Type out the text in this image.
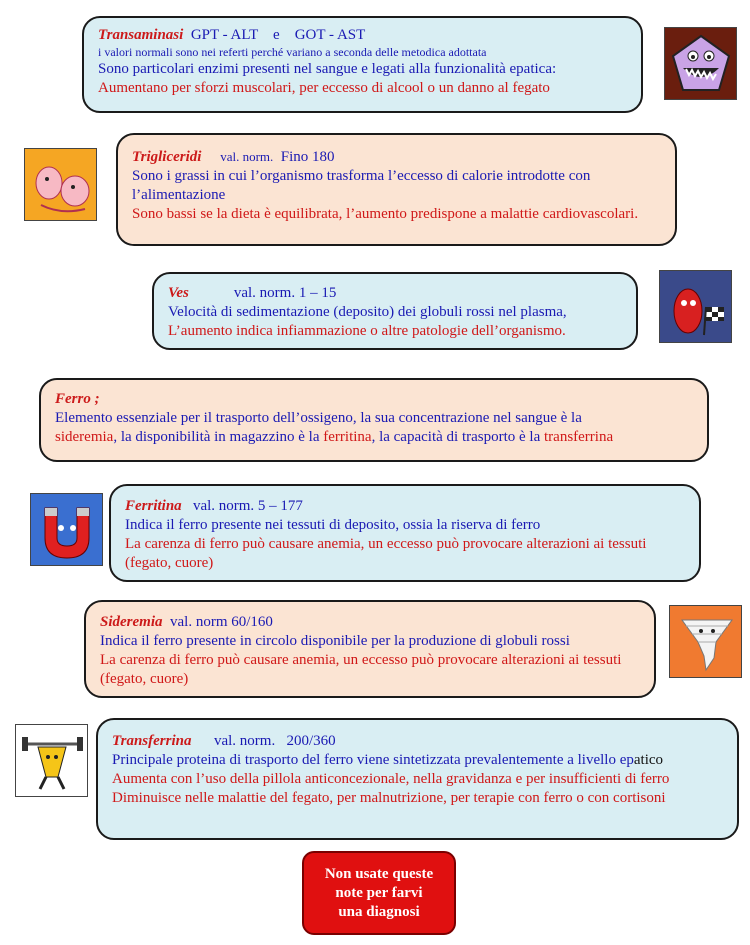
Transaminasi  GPT - ALT    e    GOT - AST
i valori normali sono nei referti perché variano a seconda delle metodica adottata
Sono particolari enzimi presenti nel sangue e legati alla funzionalità epatica:
Aumentano per sforzi muscolari, per eccesso di alcool o un danno al fegato
Trigliceridi val. norm. Fino 180
Sono i grassi in cui l’organismo trasforma l’eccesso di calorie introdotte con l’alimentazione
Sono bassi se la dieta è equilibrata, l’aumento predispone a malattie cardiovascolari.
Ves	val. norm. 1 – 15
Velocità di sedimentazione (deposito) dei globuli rossi nel plasma,
L’aumento indica infiammazione o altre patologie dell’organismo.
Ferro ;
Elemento essenziale per il trasporto dell’ossigeno, la sua concentrazione nel sangue è la
sideremia, la disponibilità in magazzino è la ferritina, la capacità di trasporto è la transferrina
Ferritina val. norm. 5 – 177
Indica il ferro presente nei tessuti di deposito, ossia la riserva di ferro
La carenza di ferro può causare anemia, un eccesso può provocare alterazioni ai tessuti (fegato, cuore)
Sideremia val. norm 60/160
Indica il ferro presente in circolo disponibile per la produzione di globuli rossi
La carenza di ferro può causare anemia, un eccesso può provocare alterazioni ai tessuti (fegato, cuore)
Transferrina val. norm.   200/360
Principale proteina di trasporto del ferro viene sintetizzata prevalentemente a livello epatico
Aumenta con l’uso della pillola anticoncezionale, nella gravidanza e per insufficienti di ferro
Diminuisce nelle malattie del fegato, per malnutrizione, per terapie con ferro o con cortisoni
Non usate queste
note per farvi
una diagnosi
